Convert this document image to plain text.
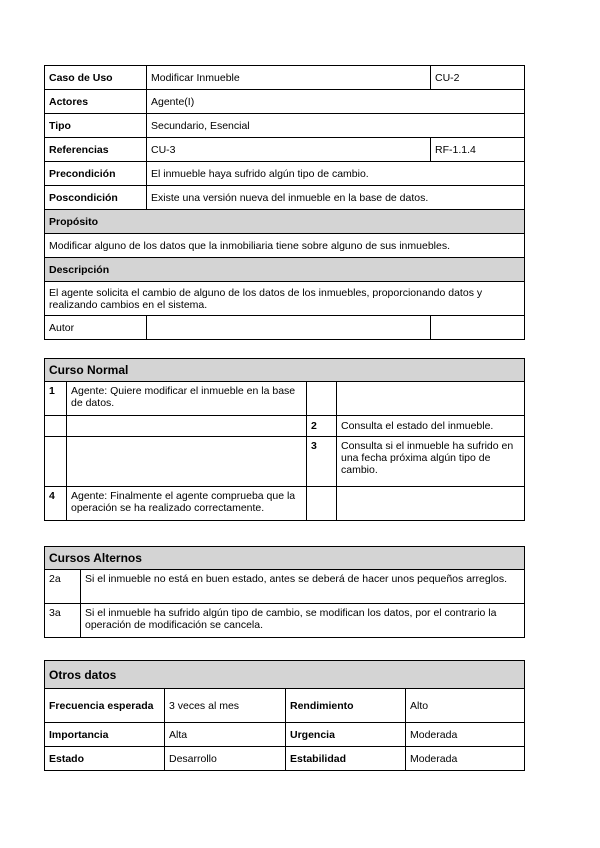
Caso de Uso	Modificar Inmueble	CU-2
Actores	Agente(I)	
Tipo	Secundario, Esencial	
Referencias	CU-3	RF-1.1.4
Precondición	El inmueble haya sufrido algún tipo de cambio.	
Poscondición	Existe una versión nueva del inmueble en la base de datos.	
Propósito		
Modificar alguno de los datos que la inmobiliaria tiene sobre alguno de sus inmuebles.		
Descripción		
El agente solicita el cambio de alguno de los datos de los inmuebles, proporcionando datos y realizando cambios en el sistema.		
Autor		
Curso Normal			
1	Agente: Quiere modificar el inmueble en la base de datos.		
		2	Consulta el estado del inmueble.
		3	Consulta si el inmueble ha sufrido en una fecha próxima algún tipo de cambio.
4	Agente: Finalmente el agente comprueba que la operación se ha realizado correctamente.		
Cursos Alternos	
2a	Si el inmueble no está en buen estado, antes se deberá de hacer unos pequeños arreglos.
3a	Si el inmueble ha sufrido algún tipo de cambio, se modifican los datos, por el contrario la operación de modificación se cancela.
Otros datos			
Frecuencia esperada	3 veces al mes	Rendimiento	Alto
Importancia	Alta	Urgencia	Moderada
Estado	Desarrollo	Estabilidad	Moderada
